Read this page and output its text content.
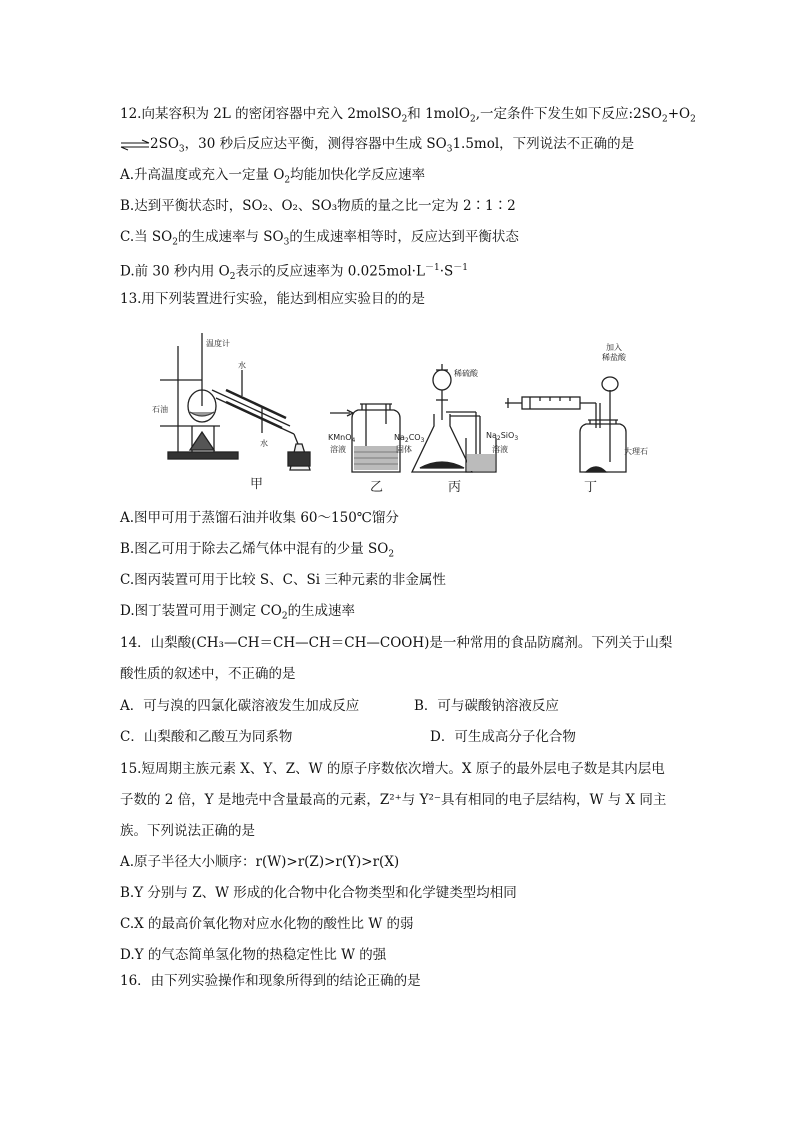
12.向某容积为 2L 的密闭容器中充入 2molSO$_2$和 1molO$_2$,一定条件下发生如下反应$:2SO_2+O_2$
$\rightleftharpoons 2SO_3$，30 秒后反应达平衡，测得容器中生成 $SO_31.5mol$，下列说法不正确的是
A.升高温度或充入一定量 $O_2$均能加快化学反应速率
B.达到平衡状态时，SO₂、O₂、SO₃物质的量之比一定为 2∶1∶2
C.当 $SO_2$的生成速率与 $SO_3$的生成速率相等时，反应达到平衡状态
D.前 30 秒内用 $O_2$表示的反应速率为 $0.025mol\cdot L^{-1}\cdot S^{-1}$
13.用下列装置进行实验，能达到相应实验目的的是
温度计
水
水
石油
KMnO$_4$
溶液
稀硫酸
$Na_2CO_3$
固体
$Na_2SiO_3$
溶液
加入
稀盐酸
大理石
甲	乙	丙	丁
A.图甲可用于蒸馏石油并收集 60～150℃馏分
B.图乙可用于除去乙烯气体中混有的少量 $SO_2$
C.图丙装置可用于比较 S、C、Si 三种元素的非金属性
D.图丁装置可用于测定 $CO_2$的生成速率
14．山梨酸(CH₃—CH＝CH—CH＝CH—COOH)是一种常用的食品防腐剂。下列关于山梨
酸性质的叙述中，不正确的是
A．可与溴的四氯化碳溶液发生加成反应	B．可与碳酸钠溶液反应
C．山梨酸和乙酸互为同系物	D．可生成高分子化合物
15.短周期主族元素 X、Y、Z、W 的原子序数依次增大。X 原子的最外层电子数是其内层电
子数的 2 倍，Y 是地壳中含量最高的元素，Z²⁺与 Y²⁻具有相同的电子层结构，W 与 X 同主
族。下列说法正确的是
A.原子半径大小顺序：r(W)>r(Z)>r(Y)>r(X)
B.Y 分别与 Z、W 形成的化合物中化合物类型和化学键类型均相同
C.X 的最高价氧化物对应水化物的酸性比 W 的弱
D.Y 的气态简单氢化物的热稳定性比 W 的强
16．由下列实验操作和现象所得到的结论正确的是
